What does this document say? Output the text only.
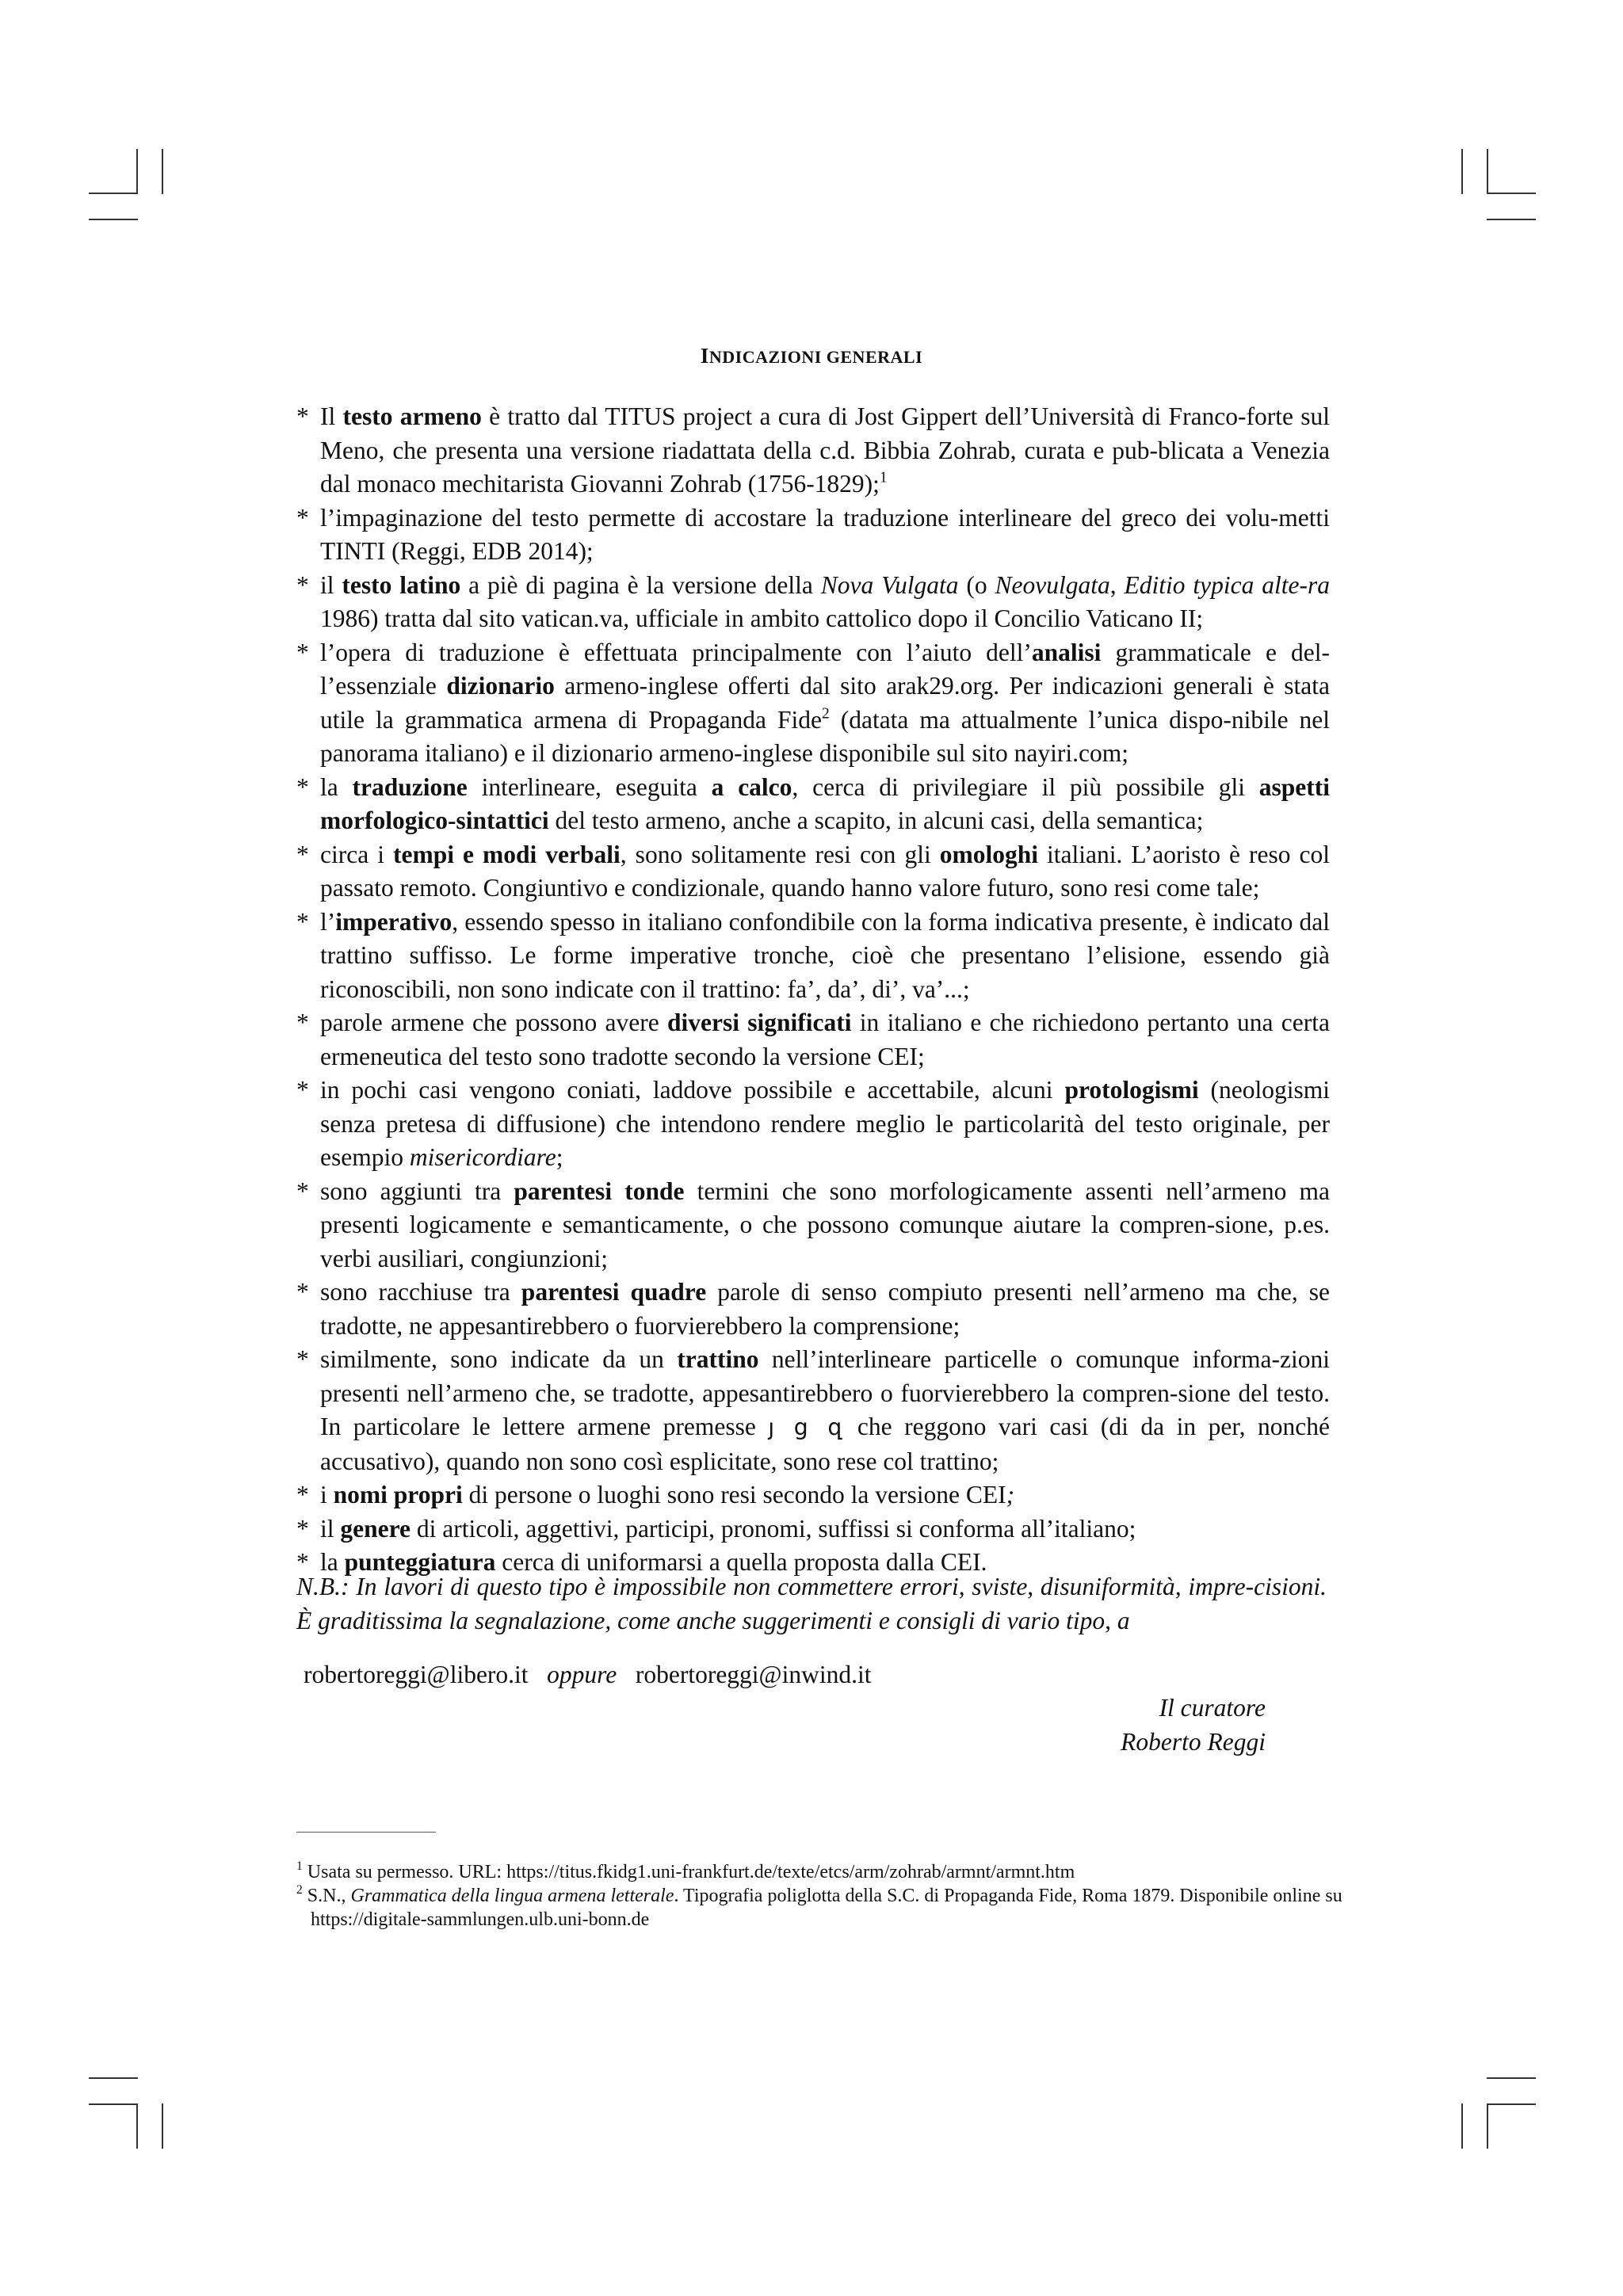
INDICAZIONI GENERALI
* Il testo armeno è tratto dal TITUS project a cura di Jost Gippert dell’Università di Franco-forte sul Meno, che presenta una versione riadattata della c.d. Bibbia Zohrab, curata e pub-blicata a Venezia dal monaco mechitarista Giovanni Zohrab (1756-1829);$^1$
* l’impaginazione del testo permette di accostare la traduzione interlineare del greco dei volu-metti TINTI (Reggi, EDB 2014);
* il testo latino a piè di pagina è la versione della Nova Vulgata (o Neovulgata, Editio typica alte-ra 1986) tratta dal sito vatican.va, ufficiale in ambito cattolico dopo il Concilio Vaticano II;
* l’opera di traduzione è effettuata principalmente con l’aiuto dell’analisi grammaticale e del-l’essenziale dizionario armeno-inglese offerti dal sito arak29.org. Per indicazioni generali è stata utile la grammatica armena di Propaganda Fide$^2$ (datata ma attualmente l’unica dispo-nibile nel panorama italiano) e il dizionario armeno-inglese disponibile sul sito nayiri.com;
* la traduzione interlineare, eseguita a calco, cerca di privilegiare il più possibile gli aspetti morfologico-sintattici del testo armeno, anche a scapito, in alcuni casi, della semantica;
* circa i tempi e modi verbali, sono solitamente resi con gli omologhi italiani. L’aoristo è reso col passato remoto. Congiuntivo e condizionale, quando hanno valore futuro, sono resi come tale;
* l’imperativo, essendo spesso in italiano confondibile con la forma indicativa presente, è indicato dal trattino suffisso. Le forme imperative tronche, cioè che presentano l’elisione, essendo già riconoscibili, non sono indicate con il trattino: fa’, da’, di’, va’...;
* parole armene che possono avere diversi significati in italiano e che richiedono pertanto una certa ermeneutica del testo sono tradotte secondo la versione CEI;
* in pochi casi vengono coniati, laddove possibile e accettabile, alcuni protologismi (neologismi senza pretesa di diffusione) che intendono rendere meglio le particolarità del testo originale, per esempio misericordiare;
* sono aggiunti tra parentesi tonde termini che sono morfologicamente assenti nell’armeno ma presenti logicamente e semanticamente, o che possono comunque aiutare la compren-sione, p.es. verbi ausiliari, congiunzioni;
* sono racchiuse tra parentesi quadre parole di senso compiuto presenti nell’armeno ma che, se tradotte, ne appesantirebbero o fuorvierebbero la comprensione;
* similmente, sono indicate da un trattino nell’interlineare particelle o comunque informa-zioni presenti nell’armeno che, se tradotte, appesantirebbero o fuorvierebbero la compren-sione del testo. In particolare le lettere armene premesse յ ց զ che reggono vari casi (di da in per, nonché accusativo), quando non sono così esplicitate, sono rese col trattino;
* i nomi propri di persone o luoghi sono resi secondo la versione CEI;
* il genere di articoli, aggettivi, participi, pronomi, suffissi si conforma all’italiano;
* la punteggiatura cerca di uniformarsi a quella proposta dalla CEI.

N.B.: In lavori di questo tipo è impossibile non commettere errori, sviste, disuniformità, impre-cisioni. È graditissima la segnalazione, come anche suggerimenti e consigli di vario tipo, a

robertoreggi@libero.it oppure robertoreggi@inwind.it
Il curatore
Roberto Reggi
$^1$ Usata su permesso. URL: https://titus.fkidg1.uni-frankfurt.de/texte/etcs/arm/zohrab/armnt/armnt.htm
$^2$ S.N., Grammatica della lingua armena letterale. Tipografia poliglotta della S.C. di Propaganda Fide, Roma 1879. Disponibile online su https://digitale-sammlungen.ulb.uni-bonn.de
